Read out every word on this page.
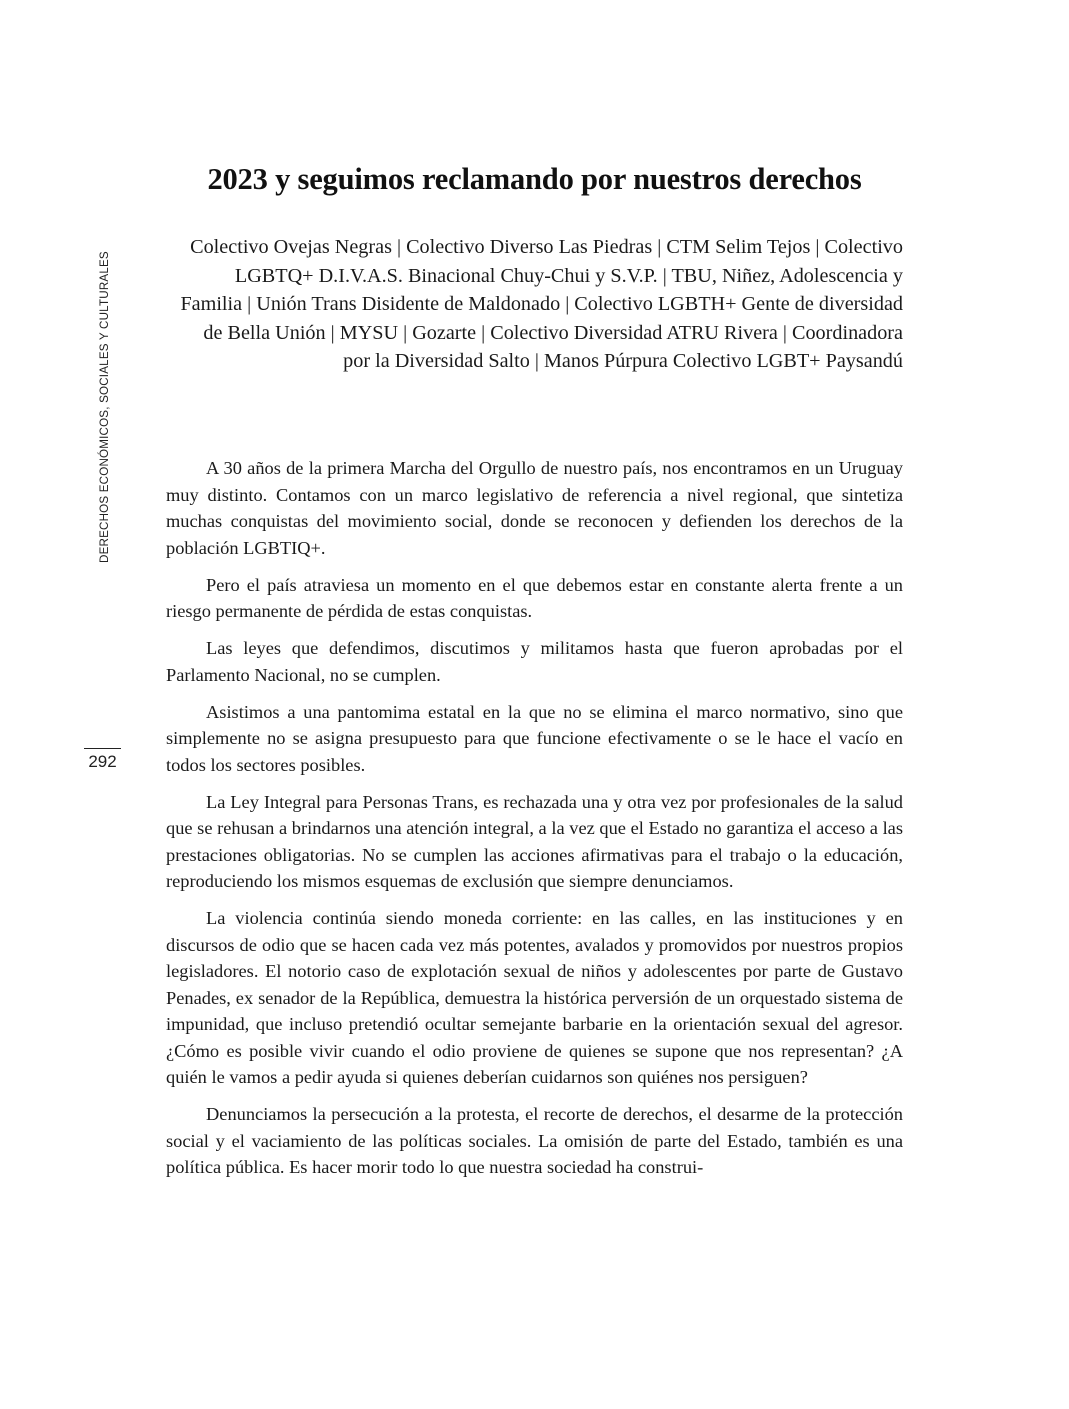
DERECHOS ECONÓMICOS, SOCIALES Y CULTURALES
292
2023 y seguimos reclamando por nuestros derechos

Colectivo Ovejas Negras | Colectivo Diverso Las Piedras | CTM Selim Tejos | Colectivo LGBTQ+ D.I.V.A.S. Binacional Chuy-Chui y S.V.P. | TBU, Niñez, Adolescencia y Familia | Unión Trans Disidente de Maldonado | Colectivo LGBTH+ Gente de diversidad de Bella Unión | MYSU | Gozarte | Colectivo Diversidad ATRU Rivera | Coordinadora por la Diversidad Salto | Manos Púrpura Colectivo LGBT+ Paysandú

A 30 años de la primera Marcha del Orgullo de nuestro país, nos encontramos en un Uruguay muy distinto. Contamos con un marco legislativo de referencia a nivel regional, que sintetiza muchas conquistas del movimiento social, donde se reconocen y defienden los derechos de la población LGBTIQ+.

Pero el país atraviesa un momento en el que debemos estar en constante alerta frente a un riesgo permanente de pérdida de estas conquistas.

Las leyes que defendimos, discutimos y militamos hasta que fueron aprobadas por el Parlamento Nacional, no se cumplen.

Asistimos a una pantomima estatal en la que no se elimina el marco normativo, sino que simplemente no se asigna presupuesto para que funcione efectivamente o se le hace el vacío en todos los sectores posibles.

La Ley Integral para Personas Trans, es rechazada una y otra vez por profesionales de la salud que se rehusan a brindarnos una atención integral, a la vez que el Estado no garantiza el acceso a las prestaciones obligatorias. No se cumplen las acciones afirmativas para el trabajo o la educación, reproduciendo los mismos esquemas de exclusión que siempre denunciamos.

La violencia continúa siendo moneda corriente: en las calles, en las instituciones y en discursos de odio que se hacen cada vez más potentes, avalados y promovidos por nuestros propios legisladores. El notorio caso de explotación sexual de niños y adolescentes por parte de Gustavo Penades, ex senador de la República, demuestra la histórica perversión de un orquestado sistema de impunidad, que incluso pretendió ocultar semejante barbarie en la orientación sexual del agresor. ¿Cómo es posible vivir cuando el odio proviene de quienes se supone que nos representan? ¿A quién le vamos a pedir ayuda si quienes deberían cuidarnos son quiénes nos persiguen?

Denunciamos la persecución a la protesta, el recorte de derechos, el desarme de la protección social y el vaciamiento de las políticas sociales. La omisión de parte del Estado, también es una política pública. Es hacer morir todo lo que nuestra sociedad ha construi-
